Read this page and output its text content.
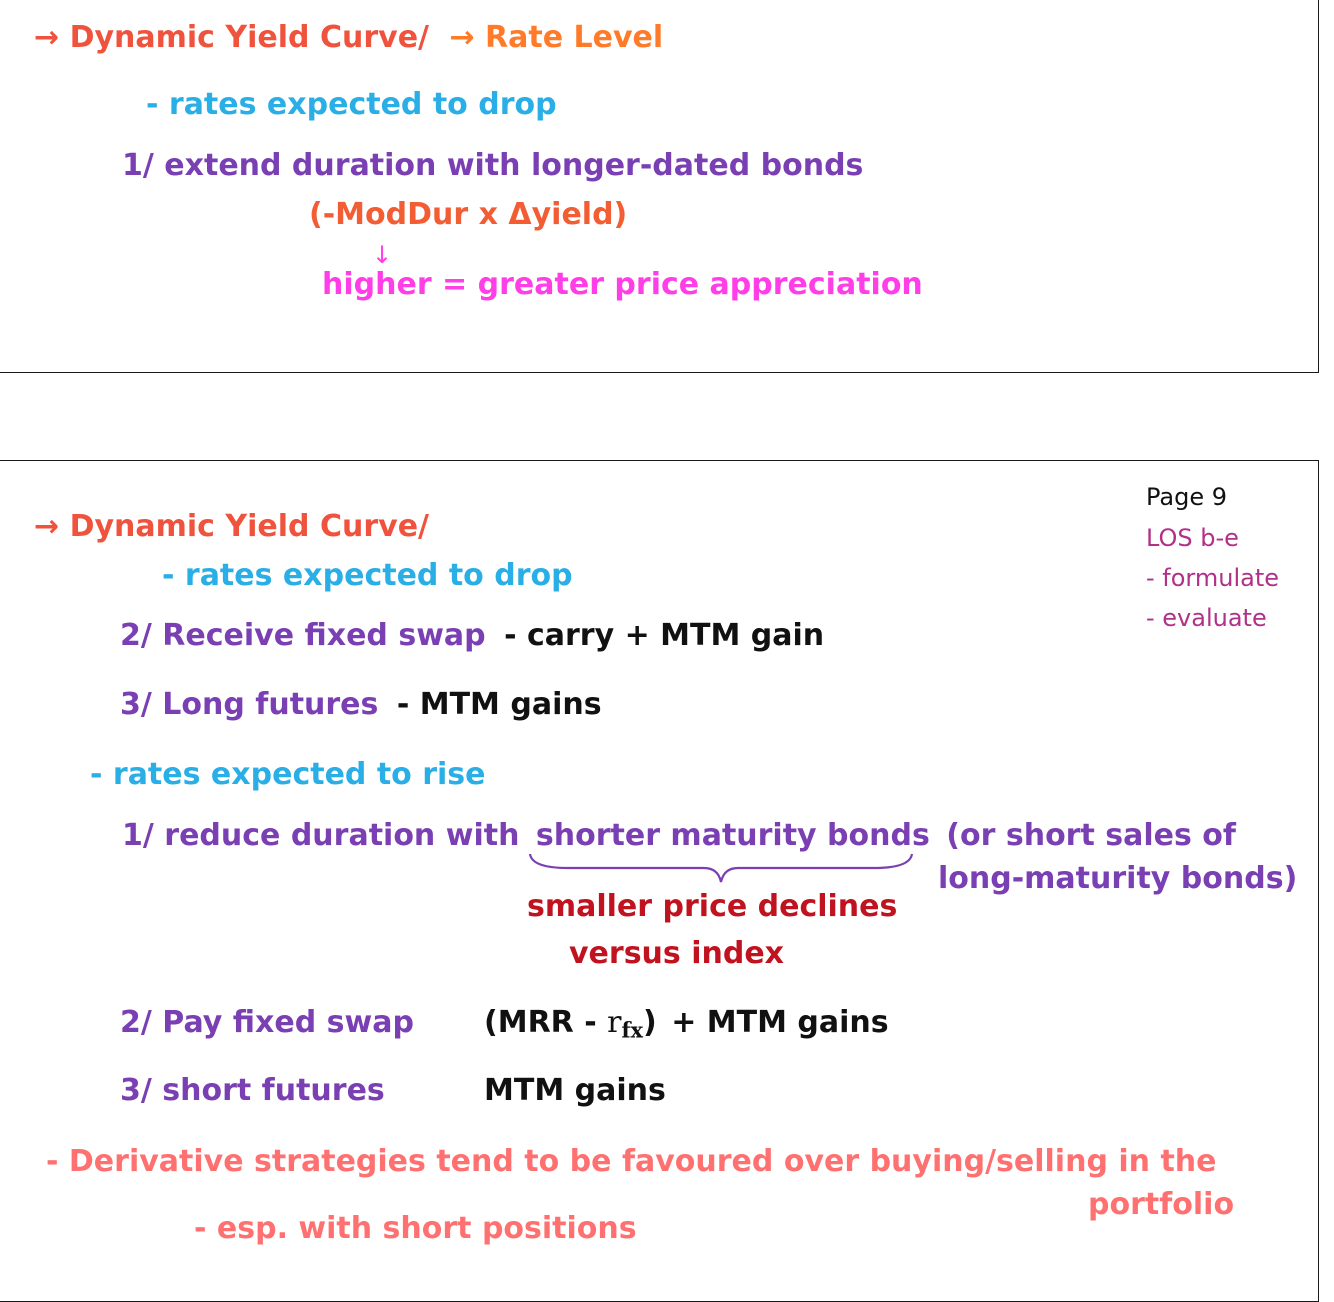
→ Dynamic Yield Curve/ → Rate Level
- rates expected to drop
1/ extend duration with longer-dated bonds
(-ModDur x Δyield)
↓
higher = greater price appreciation
→ Dynamic Yield Curve/
Page 9
LOS b-e
- formulate
- evaluate
- rates expected to drop
2/ Receive fixed swap - carry + MTM gain
3/ Long futures - MTM gains
- rates expected to rise
1/ reduce duration with shorter maturity bonds (or short sales of
long-maturity bonds)
smaller price declines
versus index
2/ Pay fixed swap $(MRR - r_{fx})$ + MTM gains
3/ short futures	MTM gains
- Derivative strategies tend to be favoured over buying/selling in the
portfolio
- esp. with short positions
